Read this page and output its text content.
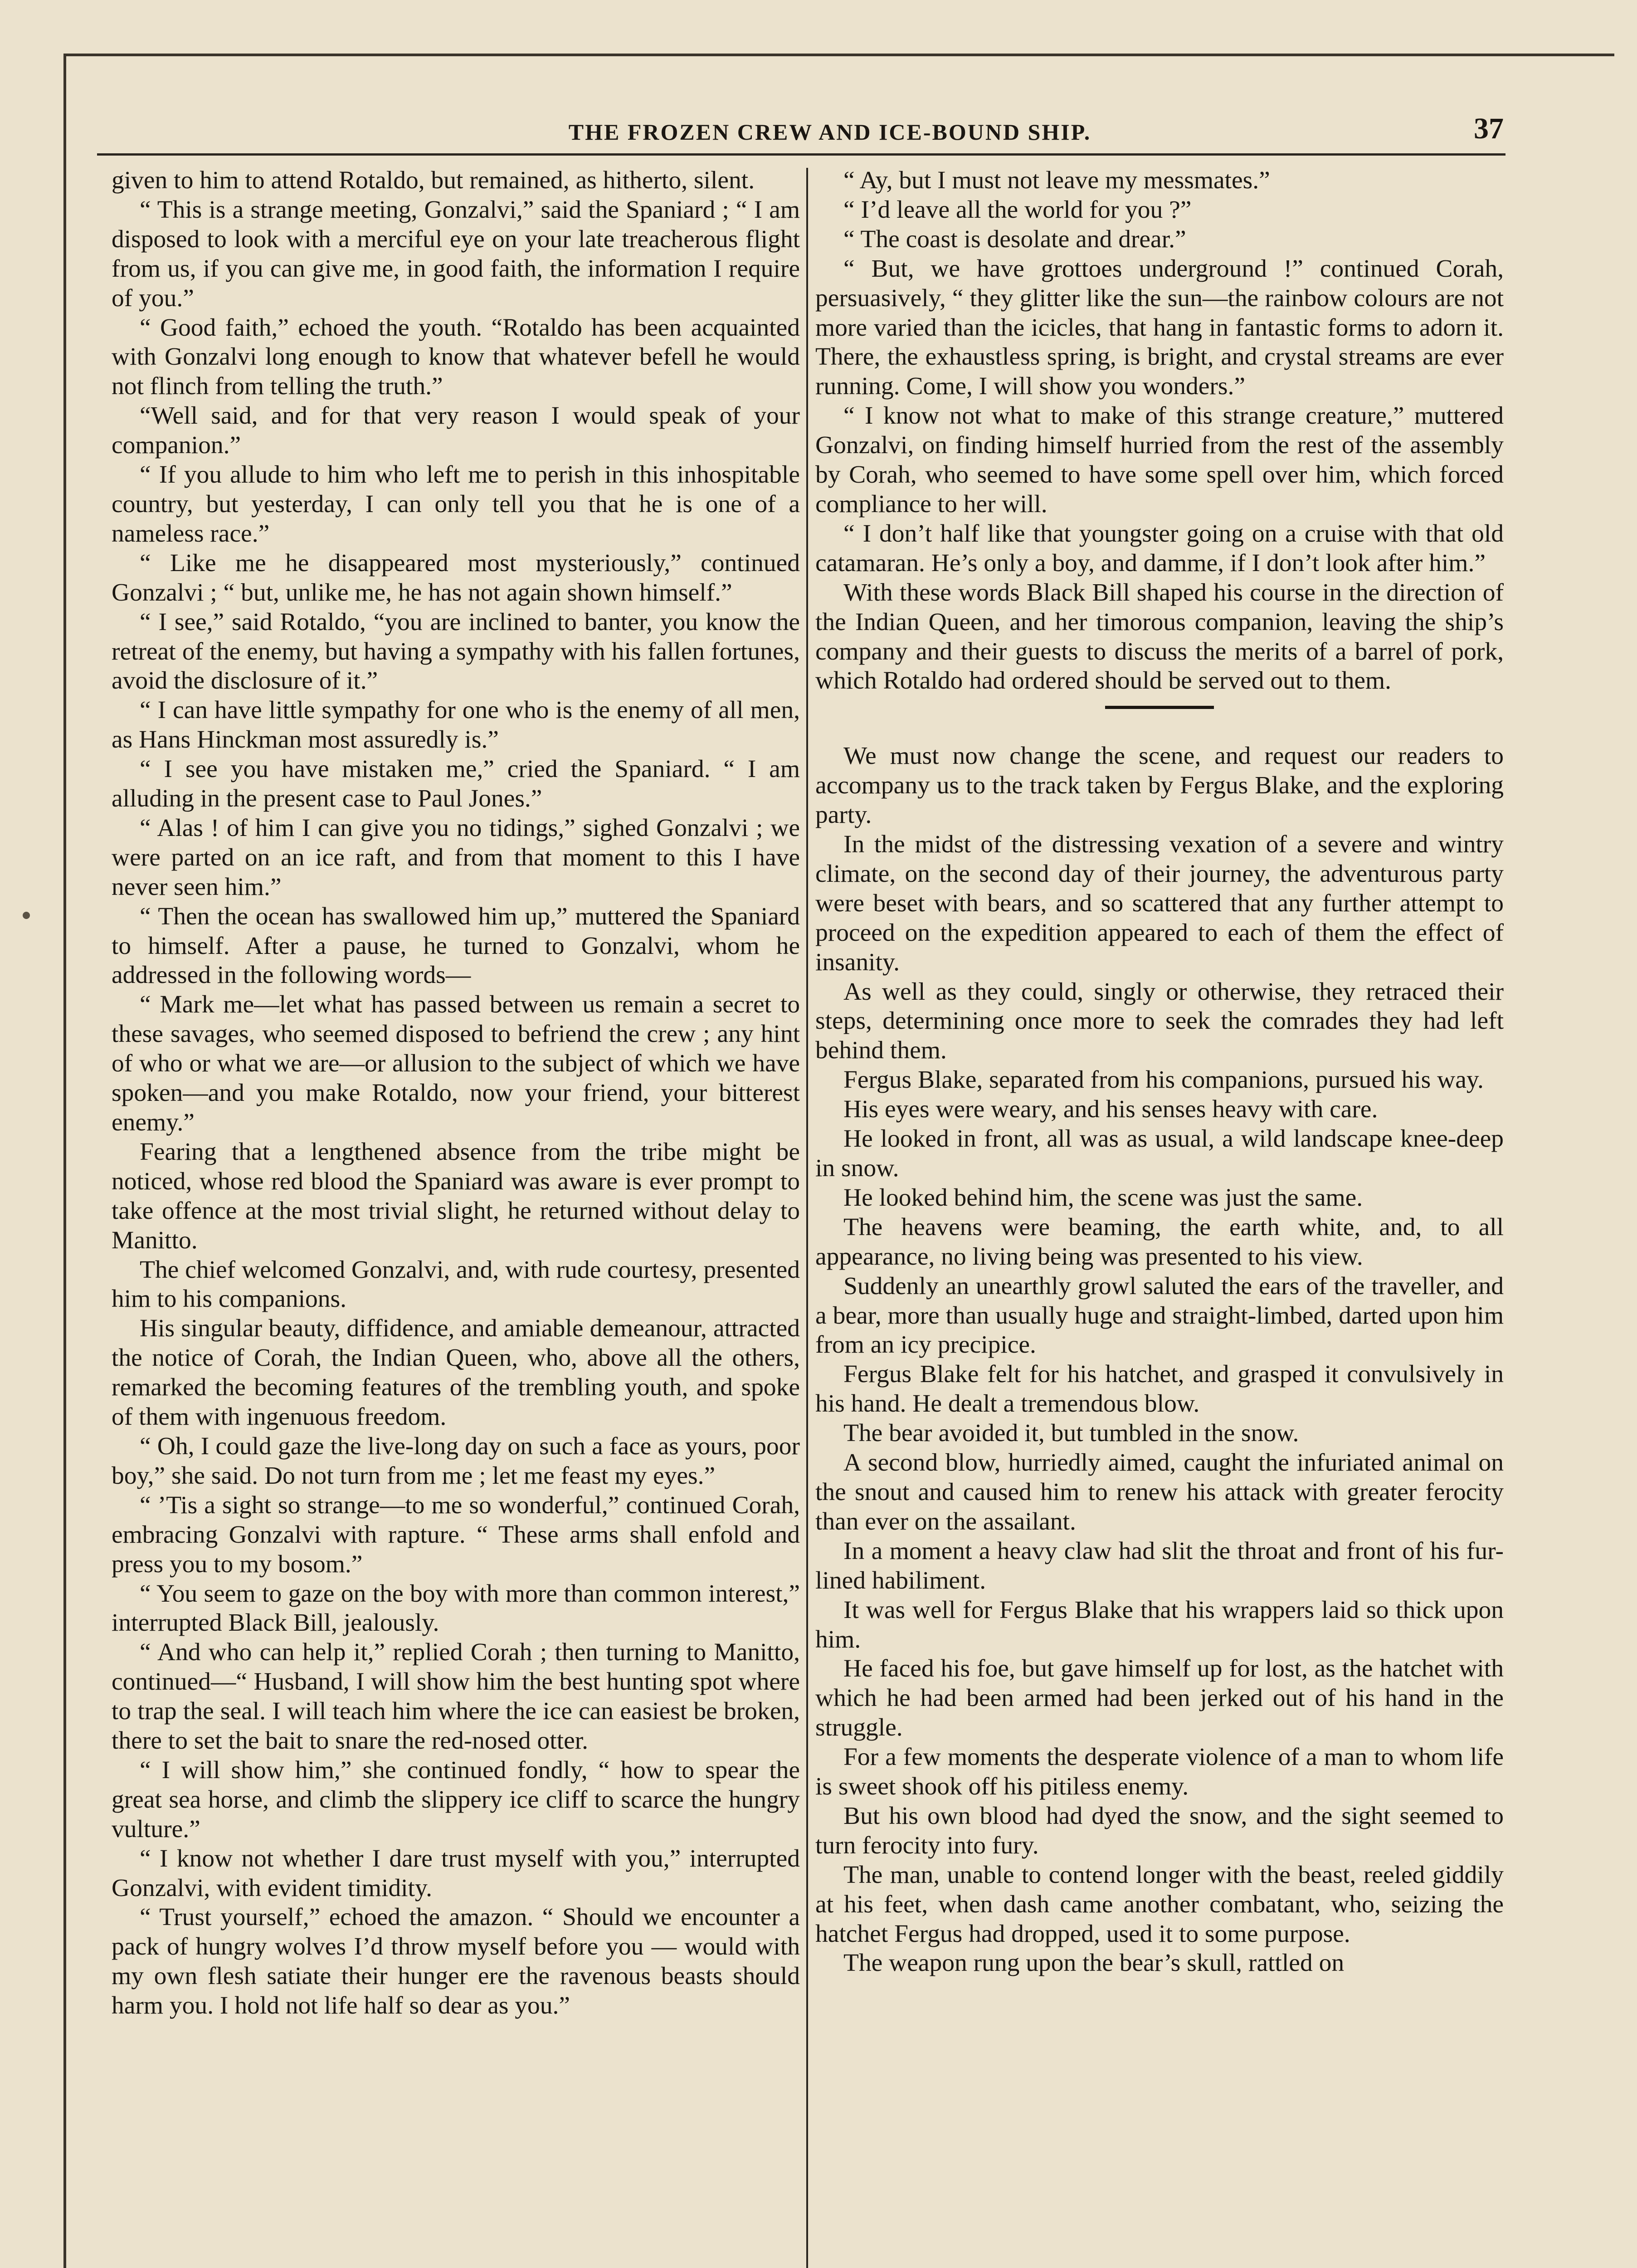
THE FROZEN CREW AND ICE-BOUND SHIP.	37

given to him to attend Rotaldo, but remained, as hitherto, silent.

“ This is a strange meeting, Gonzalvi,” said the Spaniard ; “ I am disposed to look with a merciful eye on your late treacherous flight from us, if you can give me, in good faith, the information I require of you.”

“ Good faith,” echoed the youth. “Rotaldo has been acquainted with Gonzalvi long enough to know that whatever befell he would not flinch from telling the truth.”

“Well said, and for that very reason I would speak of your companion.”

“ If you allude to him who left me to perish in this inhospitable country, but yesterday, I can only tell you that he is one of a nameless race.”

“ Like me he disappeared most mysteriously,” continued Gonzalvi ; “ but, unlike me, he has not again shown himself.”

“ I see,” said Rotaldo, “you are inclined to banter, you know the retreat of the enemy, but having a sympathy with his fallen fortunes, avoid the disclosure of it.”

“ I can have little sympathy for one who is the enemy of all men, as Hans Hinckman most assuredly is.”

“ I see you have mistaken me,” cried the Spaniard. “ I am alluding in the present case to Paul Jones.”

“ Alas ! of him I can give you no tidings,” sighed Gonzalvi ; we were parted on an ice raft, and from that moment to this I have never seen him.”

“ Then the ocean has swallowed him up,” muttered the Spaniard to himself. After a pause, he turned to Gonzalvi, whom he addressed in the following words—

“ Mark me—let what has passed between us remain a secret to these savages, who seemed disposed to befriend the crew ; any hint of who or what we are—or allusion to the subject of which we have spoken—and you make Rotaldo, now your friend, your bitterest enemy.”

Fearing that a lengthened absence from the tribe might be noticed, whose red blood the Spaniard was aware is ever prompt to take offence at the most trivial slight, he returned without delay to Manitto.

The chief welcomed Gonzalvi, and, with rude courtesy, presented him to his companions.

His singular beauty, diffidence, and amiable demeanour, attracted the notice of Corah, the Indian Queen, who, above all the others, remarked the becoming features of the trembling youth, and spoke of them with ingenuous freedom.

“ Oh, I could gaze the live-long day on such a face as yours, poor boy,” she said. Do not turn from me ; let me feast my eyes.”

“ ’Tis a sight so strange—to me so wonderful,” continued Corah, embracing Gonzalvi with rapture. “ These arms shall enfold and press you to my bosom.”

“ You seem to gaze on the boy with more than common interest,” interrupted Black Bill, jealously.

“ And who can help it,” replied Corah ; then turning to Manitto, continued—“ Husband, I will show him the best hunting spot where to trap the seal. I will teach him where the ice can easiest be broken, there to set the bait to snare the red-nosed otter.

“ I will show him,” she continued fondly, “ how to spear the great sea horse, and climb the slippery ice cliff to scarce the hungry vulture.”

“ I know not whether I dare trust myself with you,” interrupted Gonzalvi, with evident timidity.

“ Trust yourself,” echoed the amazon. “ Should we encounter a pack of hungry wolves I’d throw myself before you — would with my own flesh satiate their hunger ere the ravenous beasts should harm you. I hold not life half so dear as you.”

“ Ay, but I must not leave my messmates.”

“ I’d leave all the world for you ?”

“ The coast is desolate and drear.”

“ But, we have grottoes underground !” continued Corah, persuasively, “ they glitter like the sun—the rainbow colours are not more varied than the icicles, that hang in fantastic forms to adorn it. There, the exhaustless spring, is bright, and crystal streams are ever running. Come, I will show you wonders.”

“ I know not what to make of this strange creature,” muttered Gonzalvi, on finding himself hurried from the rest of the assembly by Corah, who seemed to have some spell over him, which forced compliance to her will.

“ I don’t half like that youngster going on a cruise with that old catamaran. He’s only a boy, and damme, if I don’t look after him.”

With these words Black Bill shaped his course in the direction of the Indian Queen, and her timorous companion, leaving the ship’s company and their guests to discuss the merits of a barrel of pork, which Rotaldo had ordered should be served out to them.

We must now change the scene, and request our readers to accompany us to the track taken by Fergus Blake, and the exploring party.

In the midst of the distressing vexation of a severe and wintry climate, on the second day of their journey, the adventurous party were beset with bears, and so scattered that any further attempt to proceed on the expedition appeared to each of them the effect of insanity.

As well as they could, singly or otherwise, they retraced their steps, determining once more to seek the comrades they had left behind them.

Fergus Blake, separated from his companions, pursued his way.

His eyes were weary, and his senses heavy with care.

He looked in front, all was as usual, a wild landscape knee-deep in snow.

He looked behind him, the scene was just the same.

The heavens were beaming, the earth white, and, to all appearance, no living being was presented to his view.

Suddenly an unearthly growl saluted the ears of the traveller, and a bear, more than usually huge and straight-limbed, darted upon him from an icy precipice.

Fergus Blake felt for his hatchet, and grasped it convulsively in his hand. He dealt a tremendous blow.

The bear avoided it, but tumbled in the snow.

A second blow, hurriedly aimed, caught the infuriated animal on the snout and caused him to renew his attack with greater ferocity than ever on the assailant.

In a moment a heavy claw had slit the throat and front of his fur-lined habiliment.

It was well for Fergus Blake that his wrappers laid so thick upon him.

He faced his foe, but gave himself up for lost, as the hatchet with which he had been armed had been jerked out of his hand in the struggle.

For a few moments the desperate violence of a man to whom life is sweet shook off his pitiless enemy.

But his own blood had dyed the snow, and the sight seemed to turn ferocity into fury.

The man, unable to contend longer with the beast, reeled giddily at his feet, when dash came another combatant, who, seizing the hatchet Fergus had dropped, used it to some purpose.

The weapon rung upon the bear’s skull, rattled on
